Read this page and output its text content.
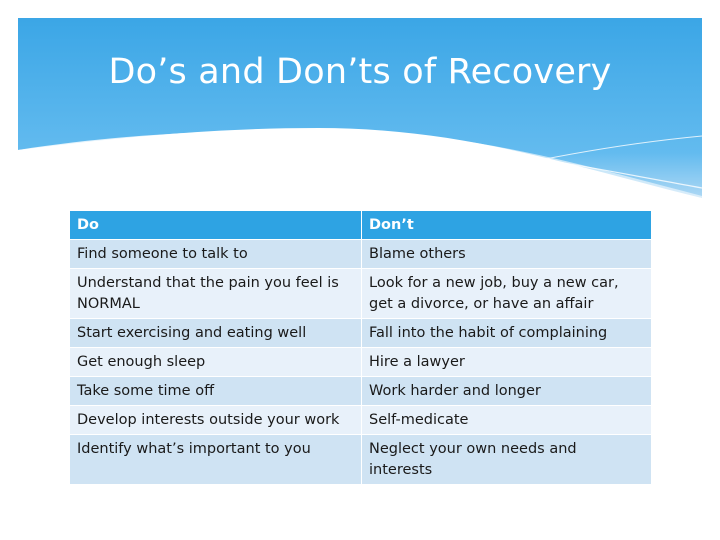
Do’s and Don’ts of Recovery
Do	Don’t
Find someone to talk to	Blame others
Understand that the pain you feel is NORMAL	Look for a new job, buy a new car, get a divorce, or have an affair
Start exercising and eating well	Fall into the habit of complaining
Get enough sleep	Hire a lawyer
Take some time off	Work harder and longer
Develop interests outside your work	Self-medicate
Identify what’s important to you	Neglect your own needs and interests
